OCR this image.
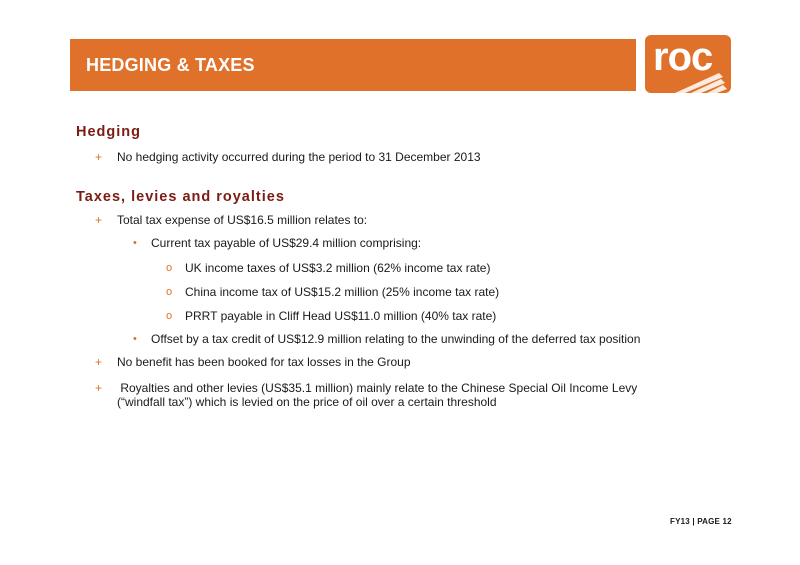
HEDGING & TAXES	roc
Hedging
+ No hedging activity occurred during the period to 31 December 2013
Taxes, levies and royalties
+ Total tax expense of US$16.5 million relates to:
• Current tax payable of US$29.4 million comprising:
o UK income taxes of US$3.2 million (62% income tax rate)
o China income tax of US$15.2 million (25% income tax rate)
o PRRT payable in Cliff Head US$11.0 million (40% tax rate)
• Offset by a tax credit of US$12.9 million relating to the unwinding of the deferred tax position
+ No benefit has been booked for tax losses in the Group
+ Royalties and other levies (US$35.1 million) mainly relate to the Chinese Special Oil Income Levy
(“windfall tax”) which is levied on the price of oil over a certain threshold
FY13 | PAGE 12
